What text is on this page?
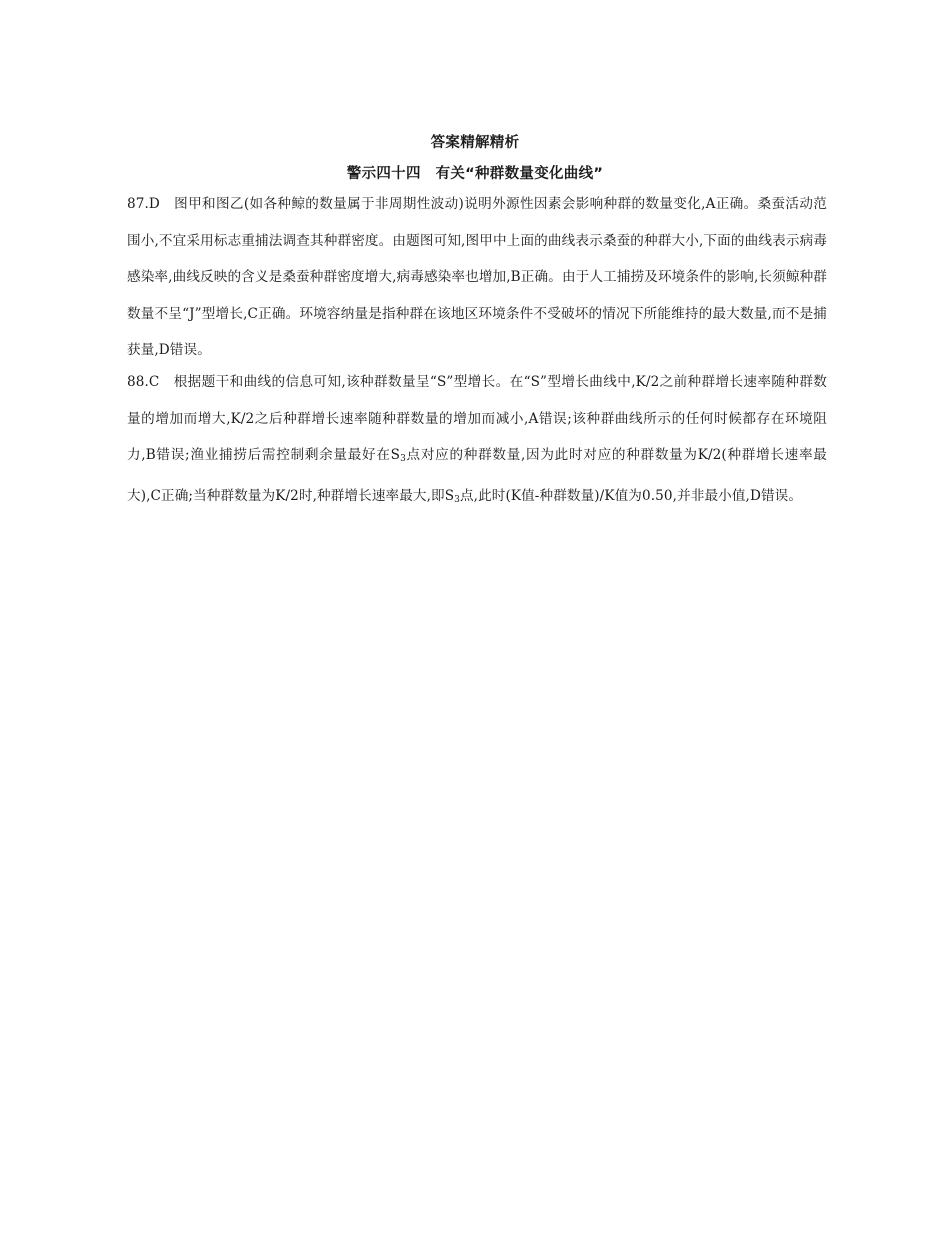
答案精解精析
警示四十四　有关“种群数量变化曲线”
87.D 图甲和图乙(如各种鲸的数量属于非周期性波动)说明外源性因素会影响种群的数量变化,A正确。桑蚕活动范围小,不宜采用标志重捕法调查其种群密度。由题图可知,图甲中上面的曲线表示桑蚕的种群大小,下面的曲线表示病毒感染率,曲线反映的含义是桑蚕种群密度增大,病毒感染率也增加,B正确。由于人工捕捞及环境条件的影响,长须鲸种群数量不呈“J”型增长,C正确。环境容纳量是指种群在该地区环境条件不受破坏的情况下所能维持的最大数量,而不是捕获量,D错误。
88.C 根据题干和曲线的信息可知,该种群数量呈“S”型增长。在“S”型增长曲线中,K/2之前种群增长速率随种群数量的增加而增大,K/2之后种群增长速率随种群数量的增加而减小,A错误;该种群曲线所示的任何时候都存在环境阻力,B错误;渔业捕捞后需控制剩余量最好在$S_3$点对应的种群数量,因为此时对应的种群数量为K/2(种群增长速率最大),C正确;当种群数量为K/2时,种群增长速率最大,即$S_3$点,此时(K值-种群数量)/K值为0.50,并非最小值,D错误。
